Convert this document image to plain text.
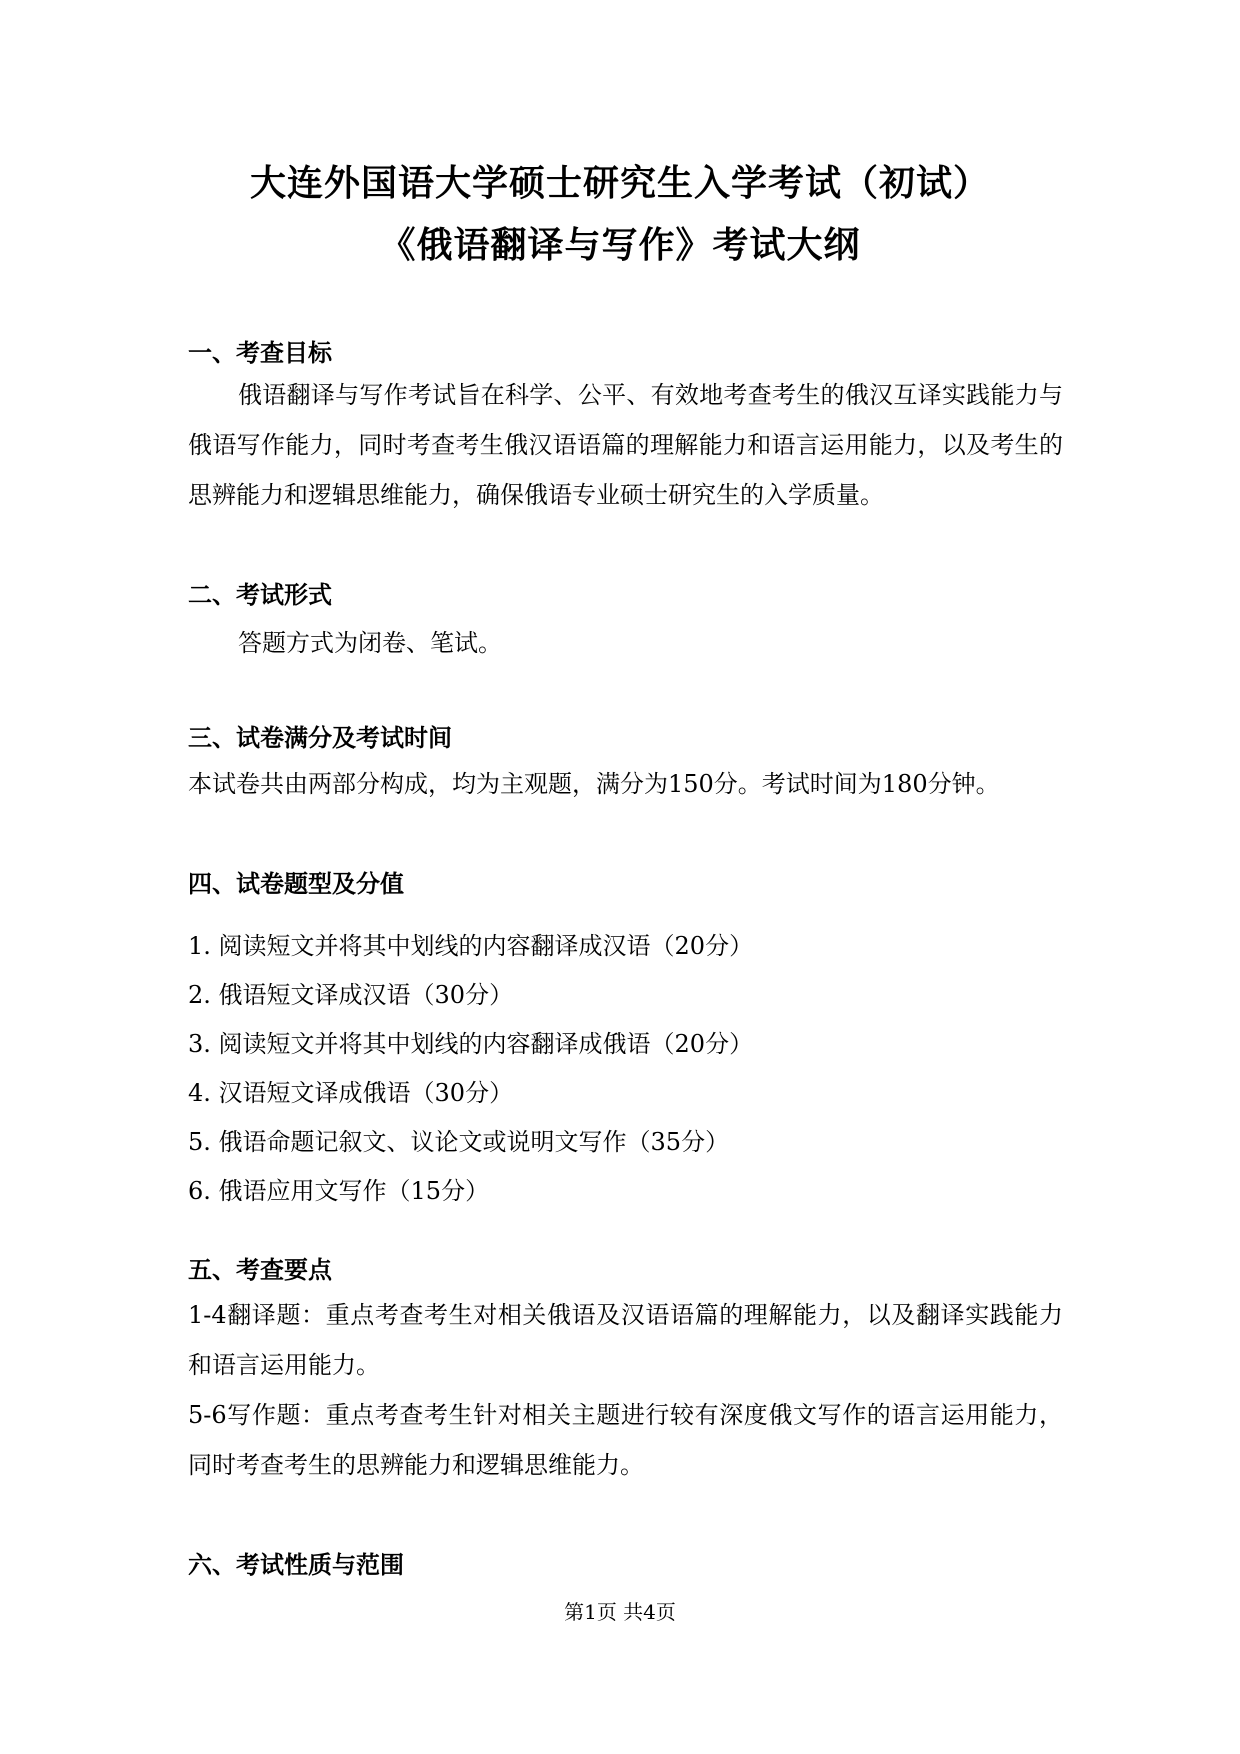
大连外国语大学硕士研究生入学考试（初试）
《俄语翻译与写作》考试大纲
一、考查目标
俄语翻译与写作考试旨在科学、公平、有效地考查考生的俄汉互译实践能力与俄语写作能力，同时考查考生俄汉语语篇的理解能力和语言运用能力，以及考生的思辨能力和逻辑思维能力，确保俄语专业硕士研究生的入学质量。
二、考试形式
答题方式为闭卷、笔试。
三、试卷满分及考试时间
本试卷共由两部分构成，均为主观题，满分为150分。考试时间为180分钟。
四、试卷题型及分值
1. 阅读短文并将其中划线的内容翻译成汉语（20分）
2. 俄语短文译成汉语（30分）
3. 阅读短文并将其中划线的内容翻译成俄语（20分）
4. 汉语短文译成俄语（30分）
5. 俄语命题记叙文、议论文或说明文写作（35分）
6. 俄语应用文写作（15分）
五、考查要点
1-4翻译题：重点考查考生对相关俄语及汉语语篇的理解能力，以及翻译实践能力和语言运用能力。
5-6写作题：重点考查考生针对相关主题进行较有深度俄文写作的语言运用能力，同时考查考生的思辨能力和逻辑思维能力。
六、考试性质与范围
第1页 共4页
